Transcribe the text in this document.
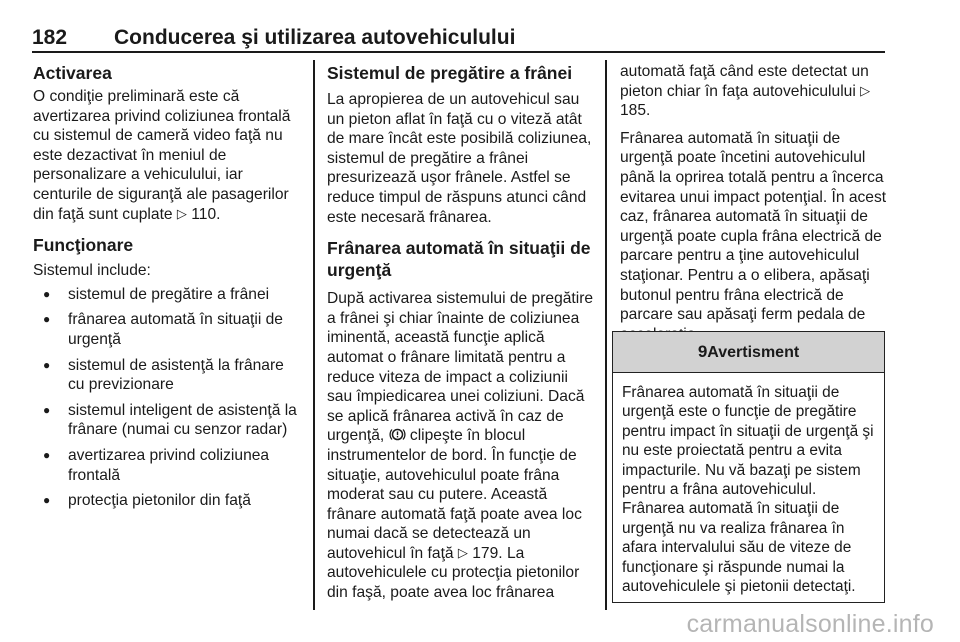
182 Conducerea şi utilizarea autovehiculului
Activarea

O condiţie preliminară este că avertizarea privind coliziunea frontală cu sistemul de cameră video faţă nu este dezactivat în meniul de personalizare a vehiculului, iar centurile de siguranţă ale pasagerilor din faţă sunt cuplate ▷ 110.

Funcţionare

Sistemul include:

● sistemul de pregătire a frânei
● frânarea automată în situaţii de urgenţă
● sistemul de asistenţă la frânare cu previzionare
● sistemul inteligent de asistenţă la frânare (numai cu senzor radar)
● avertizarea privind coliziunea frontală
● protecţia pietonilor din faţă
Sistemul de pregătire a frânei

La apropierea de un autovehicul sau un pieton aflat în faţă cu o viteză atât de mare încât este posibilă coliziunea, sistemul de pregătire a frânei presurizează uşor frânele. Astfel se reduce timpul de răspuns atunci când este necesară frânarea.

Frânarea automată în situaţii de urgenţă

După activarea sistemului de pregătire a frânei şi chiar înainte de coliziunea iminentă, această funcţie aplică automat o frânare limitată pentru a reduce viteza de impact a coliziunii sau împiedicarea unei coliziuni. Dacă se aplică frânarea activă în caz de urgenţă,  clipeşte în blocul instrumentelor de bord. În funcţie de situaţie, autovehiculul poate frâna moderat sau cu putere. Această frânare automată faţă poate avea loc numai dacă se detectează un autovehicul în faţă ▷ 179. La autovehiculele cu protecţia pietonilor din faşă, poate avea loc frânarea

automată faţă când este detectat un pieton chiar în faţa autovehiculului ▷ 185.

Frânarea automată în situaţii de urgenţă poate încetini autovehiculul până la oprirea totală pentru a încerca evitarea unui impact potenţial. În acest caz, frânarea automată în situaţii de urgenţă poate cupla frâna electrică de parcare pentru a ţine autovehiculul staţionar. Pentru a o elibera, apăsaţi butonul pentru frâna electrică de parcare sau apăsaţi ferm pedala de

9Avertisment
Frânarea automată în situaţii de urgenţă este o funcţie de pregătire pentru impact în situaţii de urgenţă şi nu este proiectată pentru a evita impacturile. Nu vă bazaţi pe sistem pentru a frâna autovehiculul. Frânarea automată în situaţii de urgenţă nu va realiza frânarea în afara intervalului său de viteze de funcţionare şi răspunde numai la autovehiculele şi pietonii detectaţi.
carmanualsonline.info
